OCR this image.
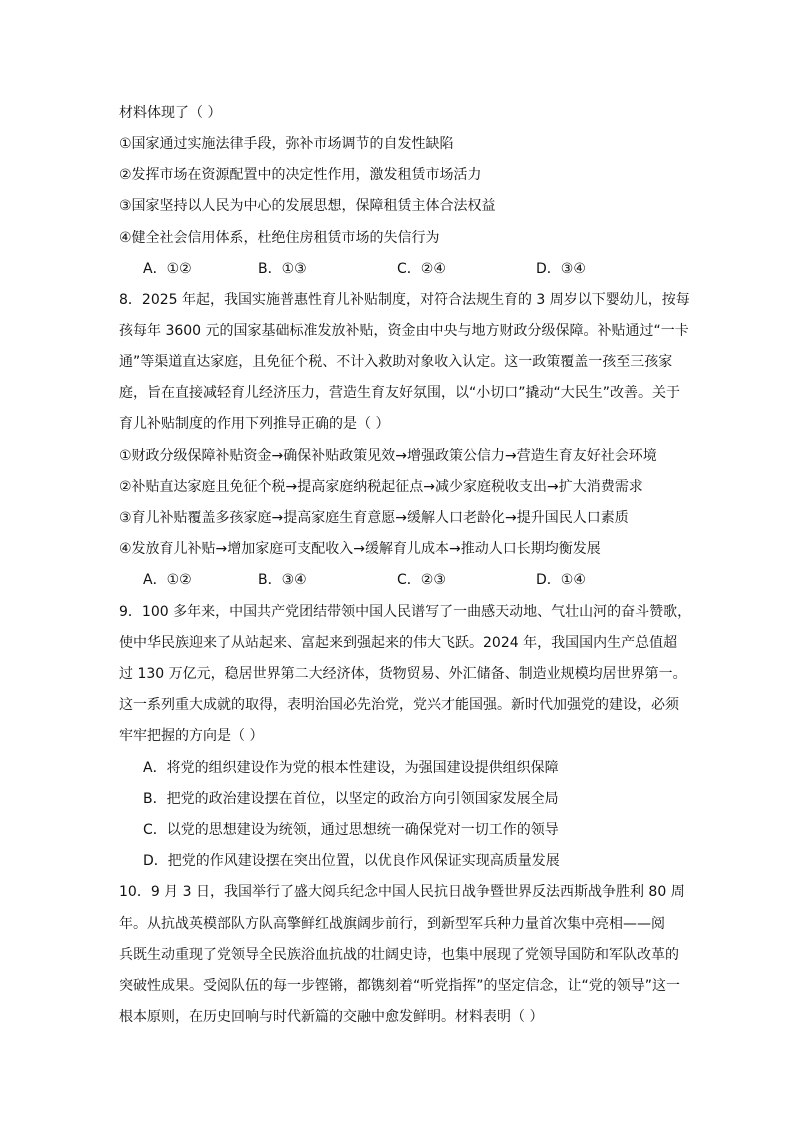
材料体现了（ ）
①国家通过实施法律手段，弥补市场调节的自发性缺陷
②发挥市场在资源配置中的决定性作用，激发租赁市场活力
③国家坚持以人民为中心的发展思想，保障租赁主体合法权益
④健全社会信用体系，杜绝住房租赁市场的失信行为
A．①②	B．①③	C．②④	D．③④
8．2025 年起，我国实施普惠性育儿补贴制度，对符合法规生育的 3 周岁以下婴幼儿，按每
孩每年 3600 元的国家基础标准发放补贴，资金由中央与地方财政分级保障。补贴通过“一卡
通”等渠道直达家庭，且免征个税、不计入救助对象收入认定。这一政策覆盖一孩至三孩家
庭，旨在直接减轻育儿经济压力，营造生育友好氛围，以“小切口”撬动“大民生”改善。关于
育儿补贴制度的作用下列推导正确的是（ ）
①财政分级保障补贴资金→确保补贴政策见效→增强政策公信力→营造生育友好社会环境
②补贴直达家庭且免征个税→提高家庭纳税起征点→减少家庭税收支出→扩大消费需求
③育儿补贴覆盖多孩家庭→提高家庭生育意愿→缓解人口老龄化→提升国民人口素质
④发放育儿补贴→增加家庭可支配收入→缓解育儿成本→推动人口长期均衡发展
A．①②	B．③④	C．②③	D．①④
9．100 多年来，中国共产党团结带领中国人民谱写了一曲感天动地、气壮山河的奋斗赞歌，
使中华民族迎来了从站起来、富起来到强起来的伟大飞跃。2024 年，我国国内生产总值超
过 130 万亿元，稳居世界第二大经济体，货物贸易、外汇储备、制造业规模均居世界第一。
这一系列重大成就的取得，表明治国必先治党，党兴才能国强。新时代加强党的建设，必须
牢牢把握的方向是（ ）
A．将党的组织建设作为党的根本性建设，为强国建设提供组织保障
B．把党的政治建设摆在首位，以坚定的政治方向引领国家发展全局
C．以党的思想建设为统领，通过思想统一确保党对一切工作的领导
D．把党的作风建设摆在突出位置，以优良作风保证实现高质量发展
10．9 月 3 日，我国举行了盛大阅兵纪念中国人民抗日战争暨世界反法西斯战争胜利 80 周
年。从抗战英模部队方队高擎鲜红战旗阔步前行，到新型军兵种力量首次集中亮相——阅
兵既生动重现了党领导全民族浴血抗战的壮阔史诗，也集中展现了党领导国防和军队改革的
突破性成果。受阅队伍的每一步铿锵，都镌刻着“听党指挥”的坚定信念，让“党的领导”这一
根本原则，在历史回响与时代新篇的交融中愈发鲜明。材料表明（ ）
